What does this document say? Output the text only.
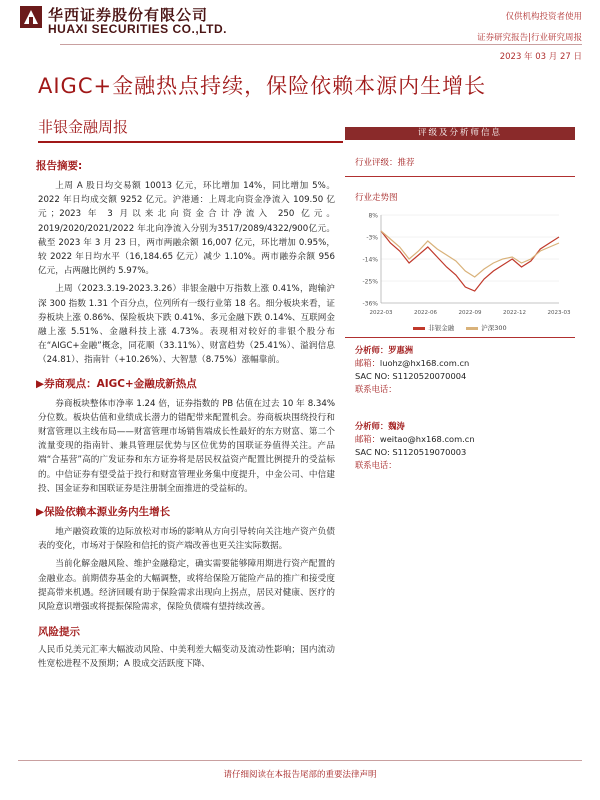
华西证券股份有限公司
HUAXI SECURITIES CO.,LTD.
仅供机构投资者使用
证券研究报告|行业研究周报
2023 年 03 月 27 日
AIGC+金融热点持续，保险依赖本源内生增长
非银金融周报
报告摘要:

上周 A 股日均交易额 10013 亿元，环比增加 14%，同比增加 5%。2022 年日均成交额 9252 亿元。沪港通：上周北向资金净流入 109.50 亿元；2023 年 3 月以来北向资金合计净流入 250 亿元。2019/2020/2021/2022 年北向净流入分别为3517/2089/4322/900亿元。截至 2023 年 3 月 23 日，两市两融余额 16,007 亿元，环比增加 0.95%，较 2022 年日均水平（16,184.65 亿元）减少 1.10%。两市融券余额 956 亿元，占两融比例约 5.97%。

上周（2023.3.19-2023.3.26）非银金融中万指数上涨 0.41%，跑输沪深 300 指数 1.31 个百分点，位列所有一级行业第 18 名。细分板块来看，证券板块上涨 0.86%、保险板块下跌 0.41%、多元金融下跌 0.14%、互联网金融上涨 5.51%、金融科技上涨 4.73%。表现相对较好的非银个股分布在“AIGC+金融”概念，同花顺（33.11%）、财富趋势（25.41%）、溢润信息（24.81）、指南针（+10.26%）、大智慧（8.75%）涨幅靠前。

▶券商观点：AIGC+金融成新热点

券商板块整体市净率 1.24 倍，证券指数的 PB 估值在过去 10 年 8.34%分位数。板块估值和业绩成长潜力的错配带来配置机会。券商板块围绕投行和财富管理以主线布局——财富管理市场销售端成长性最好的东方财富、第二个流量变现的指南针、兼具管理层优势与区位优势的国联证券值得关注。产品端“合基营”高的广发证券和东方证券将是居民权益资产配置比例提升的受益标的。中信证券有望受益于投行和财富管理业务集中度提升，中金公司、中信建投、国金证券和国联证券是注册制全面推进的受益标的。

▶保险依赖本源业务内生增长

地产融资政策的边际放松对市场的影响从方向引导转向关注地产资产负债表的变化，市场对于保险和信托的资产端改善也更关注实际数据。

当前化解金融风险、维护金融稳定，确实需要能够障用期进行资产配置的金融业态。前期债券基金的大幅调整，或将给保险万能险产品的推广和接受度提高带来机遇。经济回暖有助于保险需求出现向上拐点，居民对健康、医疗的风险意识增强或将提振保险需求，保险负债端有望持续改善。

风险提示

人民币兑美元汇率大幅波动风险、中美利差大幅变动及流动性影响；国内流动性宽松进程不及预期；A 股成交活跃度下降、

评级及分析师信息
行业评级：推荐
行业走势图
8%
-3%
-14%
-25%
-36%
2022-03	2022-06	2022-09	2022-12	2023-03
非银金融	沪深300
分析师：罗惠洲
邮箱：luohz@hx168.com.cn
SAC NO: S1120520070004
联系电话：
分析师：魏涛
邮箱：weitao@hx168.com.cn
SAC NO: S1120519070003
联系电话：
请仔细阅读在本报告尾部的重要法律声明
